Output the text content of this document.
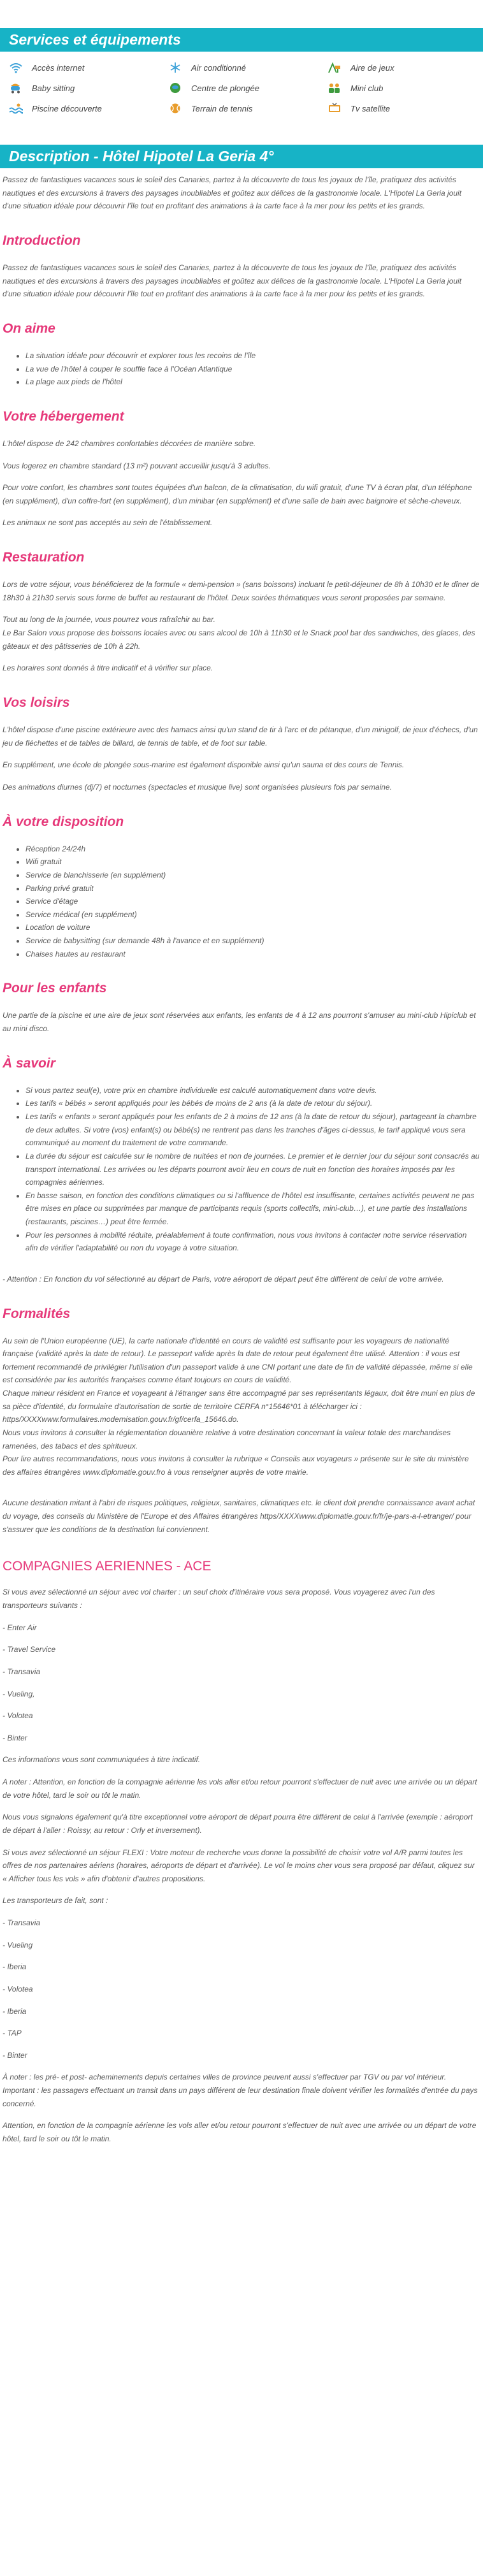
Services et équipements
Accès internet	Air conditionné	Aire de jeux
Baby sitting	Centre de plongée	Mini club
Piscine découverte	Terrain de tennis	Tv satellite
Description - Hôtel Hipotel La Geria 4°

Passez de fantastiques vacances sous le soleil des Canaries, partez à la découverte de tous les joyaux de l'île, pratiquez des activités nautiques et des excursions à travers des paysages inoubliables et goûtez aux délices de la gastronomie locale. L'Hipotel La Geria jouit d'une situation idéale pour découvrir l'île tout en profitant des animations à la carte face à la mer pour les petits et les grands.

Introduction

Passez de fantastiques vacances sous le soleil des Canaries, partez à la découverte de tous les joyaux de l'île, pratiquez des activités nautiques et des excursions à travers des paysages inoubliables et goûtez aux délices de la gastronomie locale. L'Hipotel La Geria jouit d'une situation idéale pour découvrir l'île tout en profitant des animations à la carte face à la mer pour les petits et les grands.

On aime
• La situation idéale pour découvrir et explorer tous les recoins de l'île
• La vue de l'hôtel à couper le souffle face à l'Océan Atlantique
• La plage aux pieds de l'hôtel
Votre hébergement

L'hôtel dispose de 242 chambres confortables décorées de manière sobre.

Vous logerez en chambre standard (13 m²) pouvant accueillir jusqu'à 3 adultes.

Pour votre confort, les chambres sont toutes équipées d'un balcon, de la climatisation, du wifi gratuit, d'une TV à écran plat, d'un téléphone (en supplément), d'un coffre-fort (en supplément), d'un minibar (en supplément) et d'une salle de bain avec baignoire et sèche-cheveux.

Les animaux ne sont pas acceptés au sein de l'établissement.

Restauration

Lors de votre séjour, vous bénéficierez de la formule « demi-pension » (sans boissons) incluant le petit-déjeuner de 8h à 10h30 et le dîner de 18h30 à 21h30 servis sous forme de buffet au restaurant de l'hôtel. Deux soirées thématiques vous seront proposées par semaine.

Tout au long de la journée, vous pourrez vous rafraîchir au bar.

Le Bar Salon vous propose des boissons locales avec ou sans alcool de 10h à 11h30 et le Snack pool bar des sandwiches, des glaces, des gâteaux et des pâtisseries de 10h à 22h.

Les horaires sont donnés à titre indicatif et à vérifier sur place.

Vos loisirs

L'hôtel dispose d'une piscine extérieure avec des hamacs ainsi qu'un stand de tir à l'arc et de pétanque, d'un minigolf, de jeux d'échecs, d'un jeu de fléchettes et de tables de billard, de tennis de table, et de foot sur table.

En supplément, une école de plongée sous-marine est également disponible ainsi qu'un sauna et des cours de Tennis.

Des animations diurnes (dj/7) et nocturnes (spectacles et musique live) sont organisées plusieurs fois par semaine.

À votre disposition
• Réception 24/24h
• Wifi gratuit
• Service de blanchisserie (en supplément)
• Parking privé gratuit
• Service d'étage
• Service médical (en supplément)
• Location de voiture
• Service de babysitting (sur demande 48h à l'avance et en supplément)
• Chaises hautes au restaurant
Pour les enfants

Une partie de la piscine et une aire de jeux sont réservées aux enfants, les enfants de 4 à 12 ans pourront s'amuser au mini-club Hipiclub et au mini disco.

À savoir
• Si vous partez seul(e), votre prix en chambre individuelle est calculé automatiquement dans votre devis.
• Les tarifs « bébés » seront appliqués pour les bébés de moins de 2 ans (à la date de retour du séjour).
• Les tarifs « enfants » seront appliqués pour les enfants de 2 à moins de 12 ans (à la date de retour du séjour), partageant la chambre de deux adultes. Si votre (vos) enfant(s) ou bébé(s) ne rentrent pas dans les tranches d'âges ci-dessus, le tarif appliqué vous sera communiqué au moment du traitement de votre commande.
• La durée du séjour est calculée sur le nombre de nuitées et non de journées. Le premier et le dernier jour du séjour sont consacrés au transport international. Les arrivées ou les départs pourront avoir lieu en cours de nuit en fonction des horaires imposés par les compagnies aériennes.
• En basse saison, en fonction des conditions climatiques ou si l'affluence de l'hôtel est insuffisante, certaines activités peuvent ne pas être mises en place ou supprimées par manque de participants requis (sports collectifs, mini-club…), et une partie des installations (restaurants, piscines…) peut être fermée.
• Pour les personnes à mobilité réduite, préalablement à toute confirmation, nous vous invitons à contacter notre service réservation afin de vérifier l'adaptabilité ou non du voyage à votre situation.

- Attention : En fonction du vol sélectionné au départ de Paris, votre aéroport de départ peut être différent de celui de votre arrivée.

Formalités

Au sein de l'Union européenne (UE), la carte nationale d'identité en cours de validité est suffisante pour les voyageurs de nationalité française (validité après la date de retour). Le passeport valide après la date de retour peut également être utilisé. Attention : il vous est fortement recommandé de privilégier l'utilisation d'un passeport valide à une CNI portant une date de fin de validité dépassée, même si elle est considérée par les autorités françaises comme étant toujours en cours de validité.

Chaque mineur résident en France et voyageant à l'étranger sans être accompagné par ses représentants légaux, doit être muni en plus de sa pièce d'identité, du formulaire d'autorisation de sortie de territoire CERFA n°15646*01 à télécharger ici :

https/XXXXwww.formulaires.modernisation.gouv.fr/gf/cerfa_15646.do.

Nous vous invitons à consulter la réglementation douanière relative à votre destination concernant la valeur totale des marchandises ramenées, des tabacs et des spiritueux.

Pour lire autres recommandations, nous vous invitons à consulter la rubrique « Conseils aux voyageurs » présente sur le site du ministère des affaires étrangères www.diplomatie.gouv.fro à vous renseigner auprès de votre mairie.

Aucune destination mitant à l'abri de risques politiques, religieux, sanitaires, climatiques etc. le client doit prendre connaissance avant achat du voyage, des conseils du Ministère de l'Europe et des Affaires étrangères https/XXXXwww.diplomatie.gouv.fr/fr/je-pars-a-l-etranger/ pour s'assurer que les conditions de la destination lui conviennent.

COMPAGNIES AERIENNES - ACE

Si vous avez sélectionné un séjour avec vol charter : un seul choix d'itinéraire vous sera proposé. Vous voyagerez avec l'un des transporteurs suivants :

- Enter Air

- Travel Service

- Transavia

- Vueling,

- Volotea

- Binter

Ces informations vous sont communiquées à titre indicatif.

A noter : Attention, en fonction de la compagnie aérienne les vols aller et/ou retour pourront s'effectuer de nuit avec une arrivée ou un départ de votre hôtel, tard le soir ou tôt le matin.

Nous vous signalons également qu'à titre exceptionnel votre aéroport de départ pourra être différent de celui à l'arrivée (exemple : aéroport de départ à l'aller : Roissy, au retour : Orly et inversement).

Si vous avez sélectionné un séjour FLEXI : Votre moteur de recherche vous donne la possibilité de choisir votre vol A/R parmi toutes les offres de nos partenaires aériens (horaires, aéroports de départ et d'arrivée). Le vol le moins cher vous sera proposé par défaut, cliquez sur « Afficher tous les vols » afin d'obtenir d'autres propositions.

Les transporteurs de fait, sont :

- Transavia

- Vueling

- Iberia

- Volotea

- Iberia

- TAP

- Binter

À noter : les pré- et post- acheminements depuis certaines villes de province peuvent aussi s'effectuer par TGV ou par vol intérieur. Important : les passagers effectuant un transit dans un pays différent de leur destination finale doivent vérifier les formalités d'entrée du pays concerné.

Attention, en fonction de la compagnie aérienne les vols aller et/ou retour pourront s'effectuer de nuit avec une arrivée ou un départ de votre hôtel, tard le soir ou tôt le matin.
